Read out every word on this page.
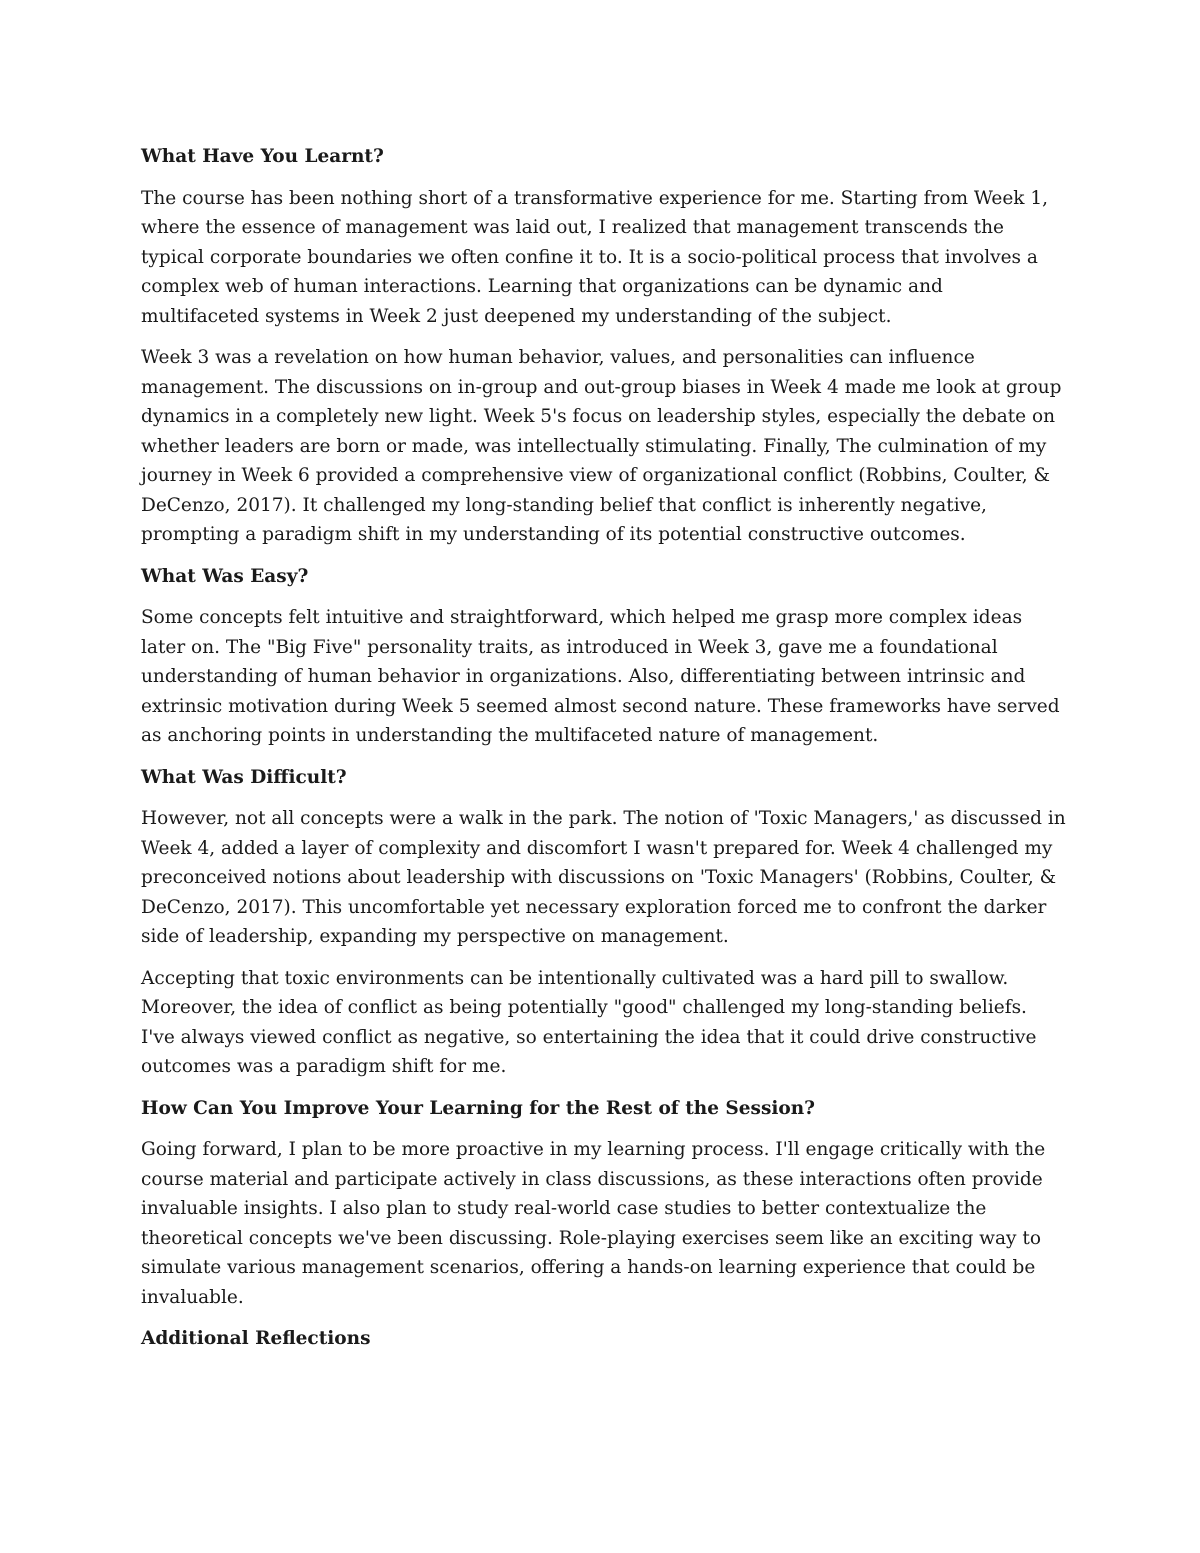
What Have You Learnt?

The course has been nothing short of a transformative experience for me. Starting from Week 1, where the essence of management was laid out, I realized that management transcends the typical corporate boundaries we often confine it to. It is a socio-political process that involves a complex web of human interactions. Learning that organizations can be dynamic and multifaceted systems in Week 2 just deepened my understanding of the subject.

Week 3 was a revelation on how human behavior, values, and personalities can influence management. The discussions on in-group and out-group biases in Week 4 made me look at group dynamics in a completely new light. Week 5's focus on leadership styles, especially the debate on whether leaders are born or made, was intellectually stimulating. Finally, The culmination of my journey in Week 6 provided a comprehensive view of organizational conflict (Robbins, Coulter, & DeCenzo, 2017). It challenged my long-standing belief that conflict is inherently negative, prompting a paradigm shift in my understanding of its potential constructive outcomes.

What Was Easy?

Some concepts felt intuitive and straightforward, which helped me grasp more complex ideas later on. The "Big Five" personality traits, as introduced in Week 3, gave me a foundational understanding of human behavior in organizations. Also, differentiating between intrinsic and extrinsic motivation during Week 5 seemed almost second nature. These frameworks have served as anchoring points in understanding the multifaceted nature of management.

What Was Difficult?

However, not all concepts were a walk in the park. The notion of 'Toxic Managers,' as discussed in Week 4, added a layer of complexity and discomfort I wasn't prepared for. Week 4 challenged my preconceived notions about leadership with discussions on 'Toxic Managers' (Robbins, Coulter, & DeCenzo, 2017). This uncomfortable yet necessary exploration forced me to confront the darker side of leadership, expanding my perspective on management.

Accepting that toxic environments can be intentionally cultivated was a hard pill to swallow. Moreover, the idea of conflict as being potentially "good" challenged my long-standing beliefs. I've always viewed conflict as negative, so entertaining the idea that it could drive constructive outcomes was a paradigm shift for me.

How Can You Improve Your Learning for the Rest of the Session?

Going forward, I plan to be more proactive in my learning process. I'll engage critically with the course material and participate actively in class discussions, as these interactions often provide invaluable insights. I also plan to study real-world case studies to better contextualize the theoretical concepts we've been discussing. Role-playing exercises seem like an exciting way to simulate various management scenarios, offering a hands-on learning experience that could be invaluable.

Additional Reflections
